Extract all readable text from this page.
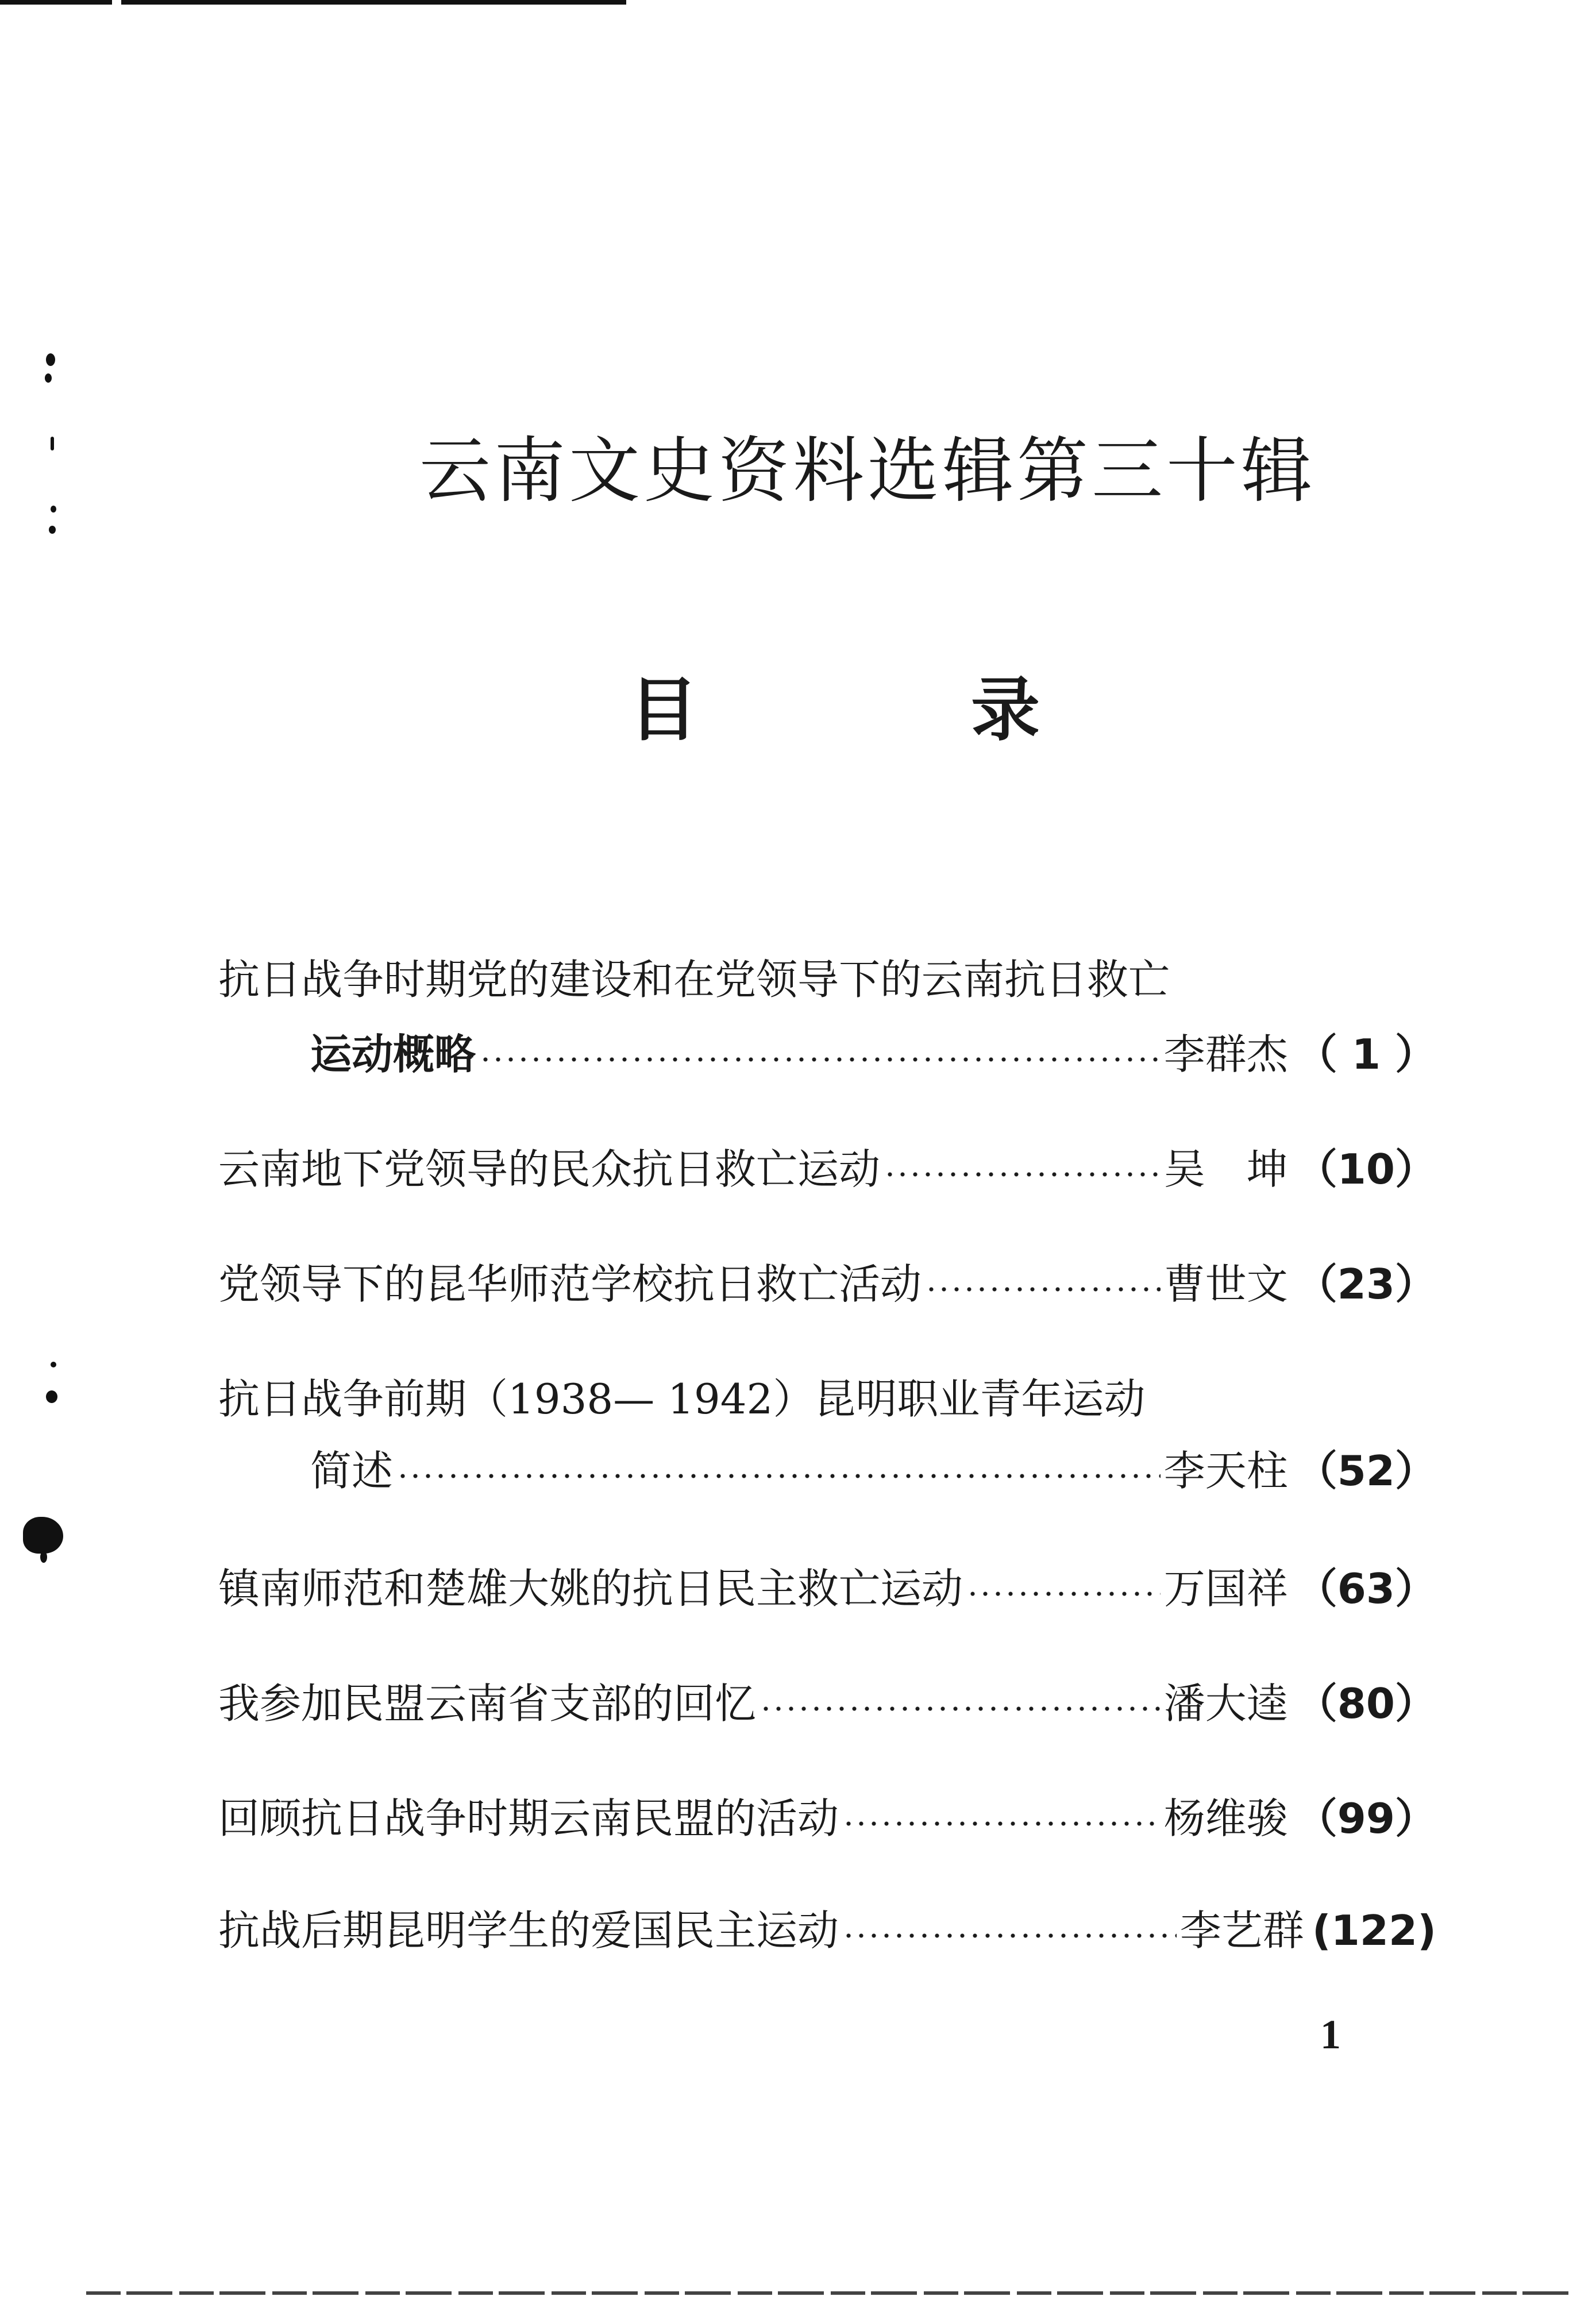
云南文史资料选辑第三十辑
目	录
抗日战争时期党的建设和在党领导下的云南抗日救亡
运动概略	李群杰 （ 1 ）
云南地下党领导的民众抗日救亡运动	吴　坤 （10）
党领导下的昆华师范学校抗日救亡活动	曹世文 （23）
抗日战争前期（1938— 1942）昆明职业青年运动
简述	李天柱 （52）
镇南师范和楚雄大姚的抗日民主救亡运动	万国祥 （63）
我参加民盟云南省支部的回忆	潘大逵 （80）
回顾抗日战争时期云南民盟的活动	杨维骏 （99）
抗战后期昆明学生的爱国民主运动	李艺群 (122)
1
